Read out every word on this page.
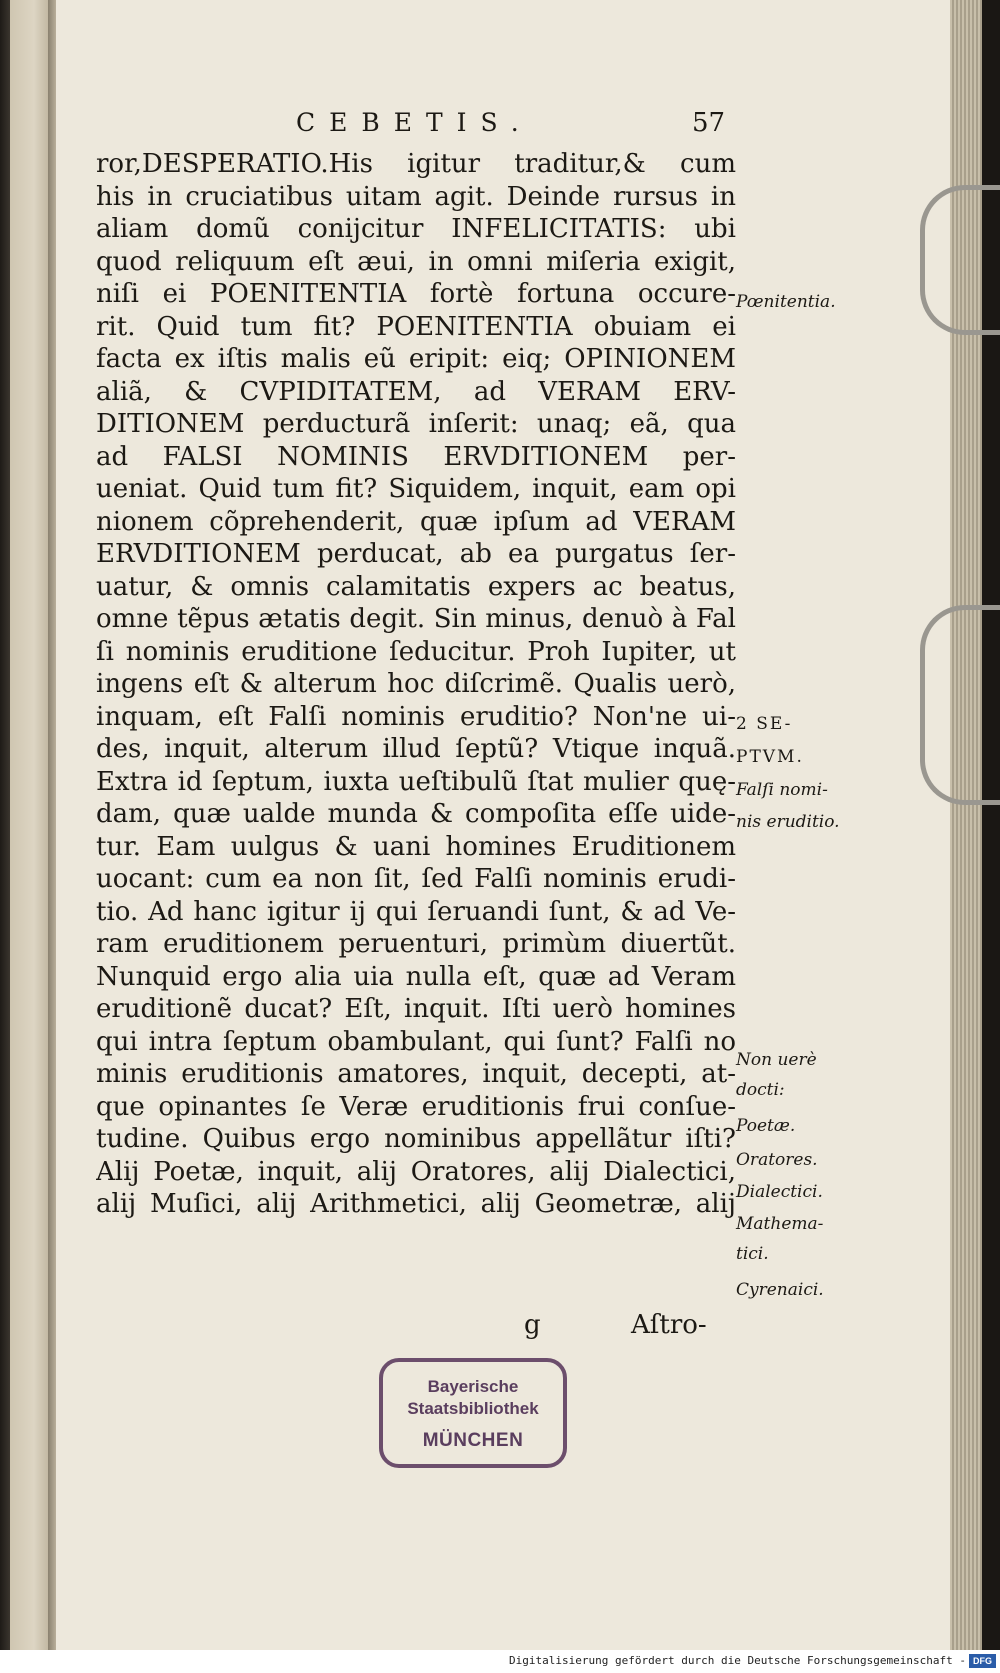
CEBETIS.	57
ror,DESPERATIO.His igitur traditur,& cum
his in cruciatibus uitam agit. Deinde rursus in
aliam domũ conijcitur INFELICITATIS: ubi
quod reliquum eſt æui, in omni miſeria exigit,
niſi ei POENITENTIA fortè fortuna occure-
rit. Quid tum fit? POENITENTIA obuiam ei
facta ex iſtis malis eũ eripit: eiq; OPINIONEM
aliã, & CVPIDITATEM, ad VERAM ERV-
DITIONEM perducturã inſerit: unaq; eã, qua
ad FALSI NOMINIS ERVDITIONEM per-
ueniat. Quid tum fit? Siquidem, inquit, eam opi
nionem cõprehenderit, quæ ipſum ad VERAM
ERVDITIONEM perducat, ab ea purgatus ſer-
uatur, & omnis calamitatis expers ac beatus,
omne tẽpus ætatis degit. Sin minus, denuò à Fal
ſi nominis eruditione ſeducitur. Proh Iupiter, ut
ingens eſt & alterum hoc diſcrimẽ. Qualis uerò,
inquam, eſt Falſi nominis eruditio? Non'ne ui-
des, inquit, alterum illud ſeptũ? Vtique inquã.
Extra id ſeptum, iuxta ueſtibulũ ſtat mulier quę-
dam, quæ ualde munda & compoſita eſſe uide-
tur. Eam uulgus & uani homines Eruditionem
uocant: cum ea non ſit, ſed Falſi nominis erudi-
tio. Ad hanc igitur ij qui ſeruandi ſunt, & ad Ve-
ram eruditionem peruenturi, primùm diuertũt.
Nunquid ergo alia uia nulla eſt, quæ ad Veram
eruditionẽ ducat? Eſt, inquit. Iſti uerò homines
qui intra ſeptum obambulant, qui ſunt? Falſi no
minis eruditionis amatores, inquit, decepti, at-
que opinantes ſe Veræ eruditionis frui conſue-
tudine. Quibus ergo nominibus appellãtur iſti?
Alij Poetæ, inquit, alij Oratores, alij Dialectici,
alij Muſici, alij Arithmetici, alij Geometræ, alij
Pœnitentia.
2 SE-
PTVM.
Falſi nomi-
nis eruditio.
Non uerè
docti:
Poetæ.
Oratores.
Dialectici.
Mathema-
tici.
Cyrenaici.
g	Aſtro-
Bayerische
Staatsbibliothek
MÜNCHEN
Digitalisierung gefördert durch die Deutsche Forschungsgemeinschaft - DFG
